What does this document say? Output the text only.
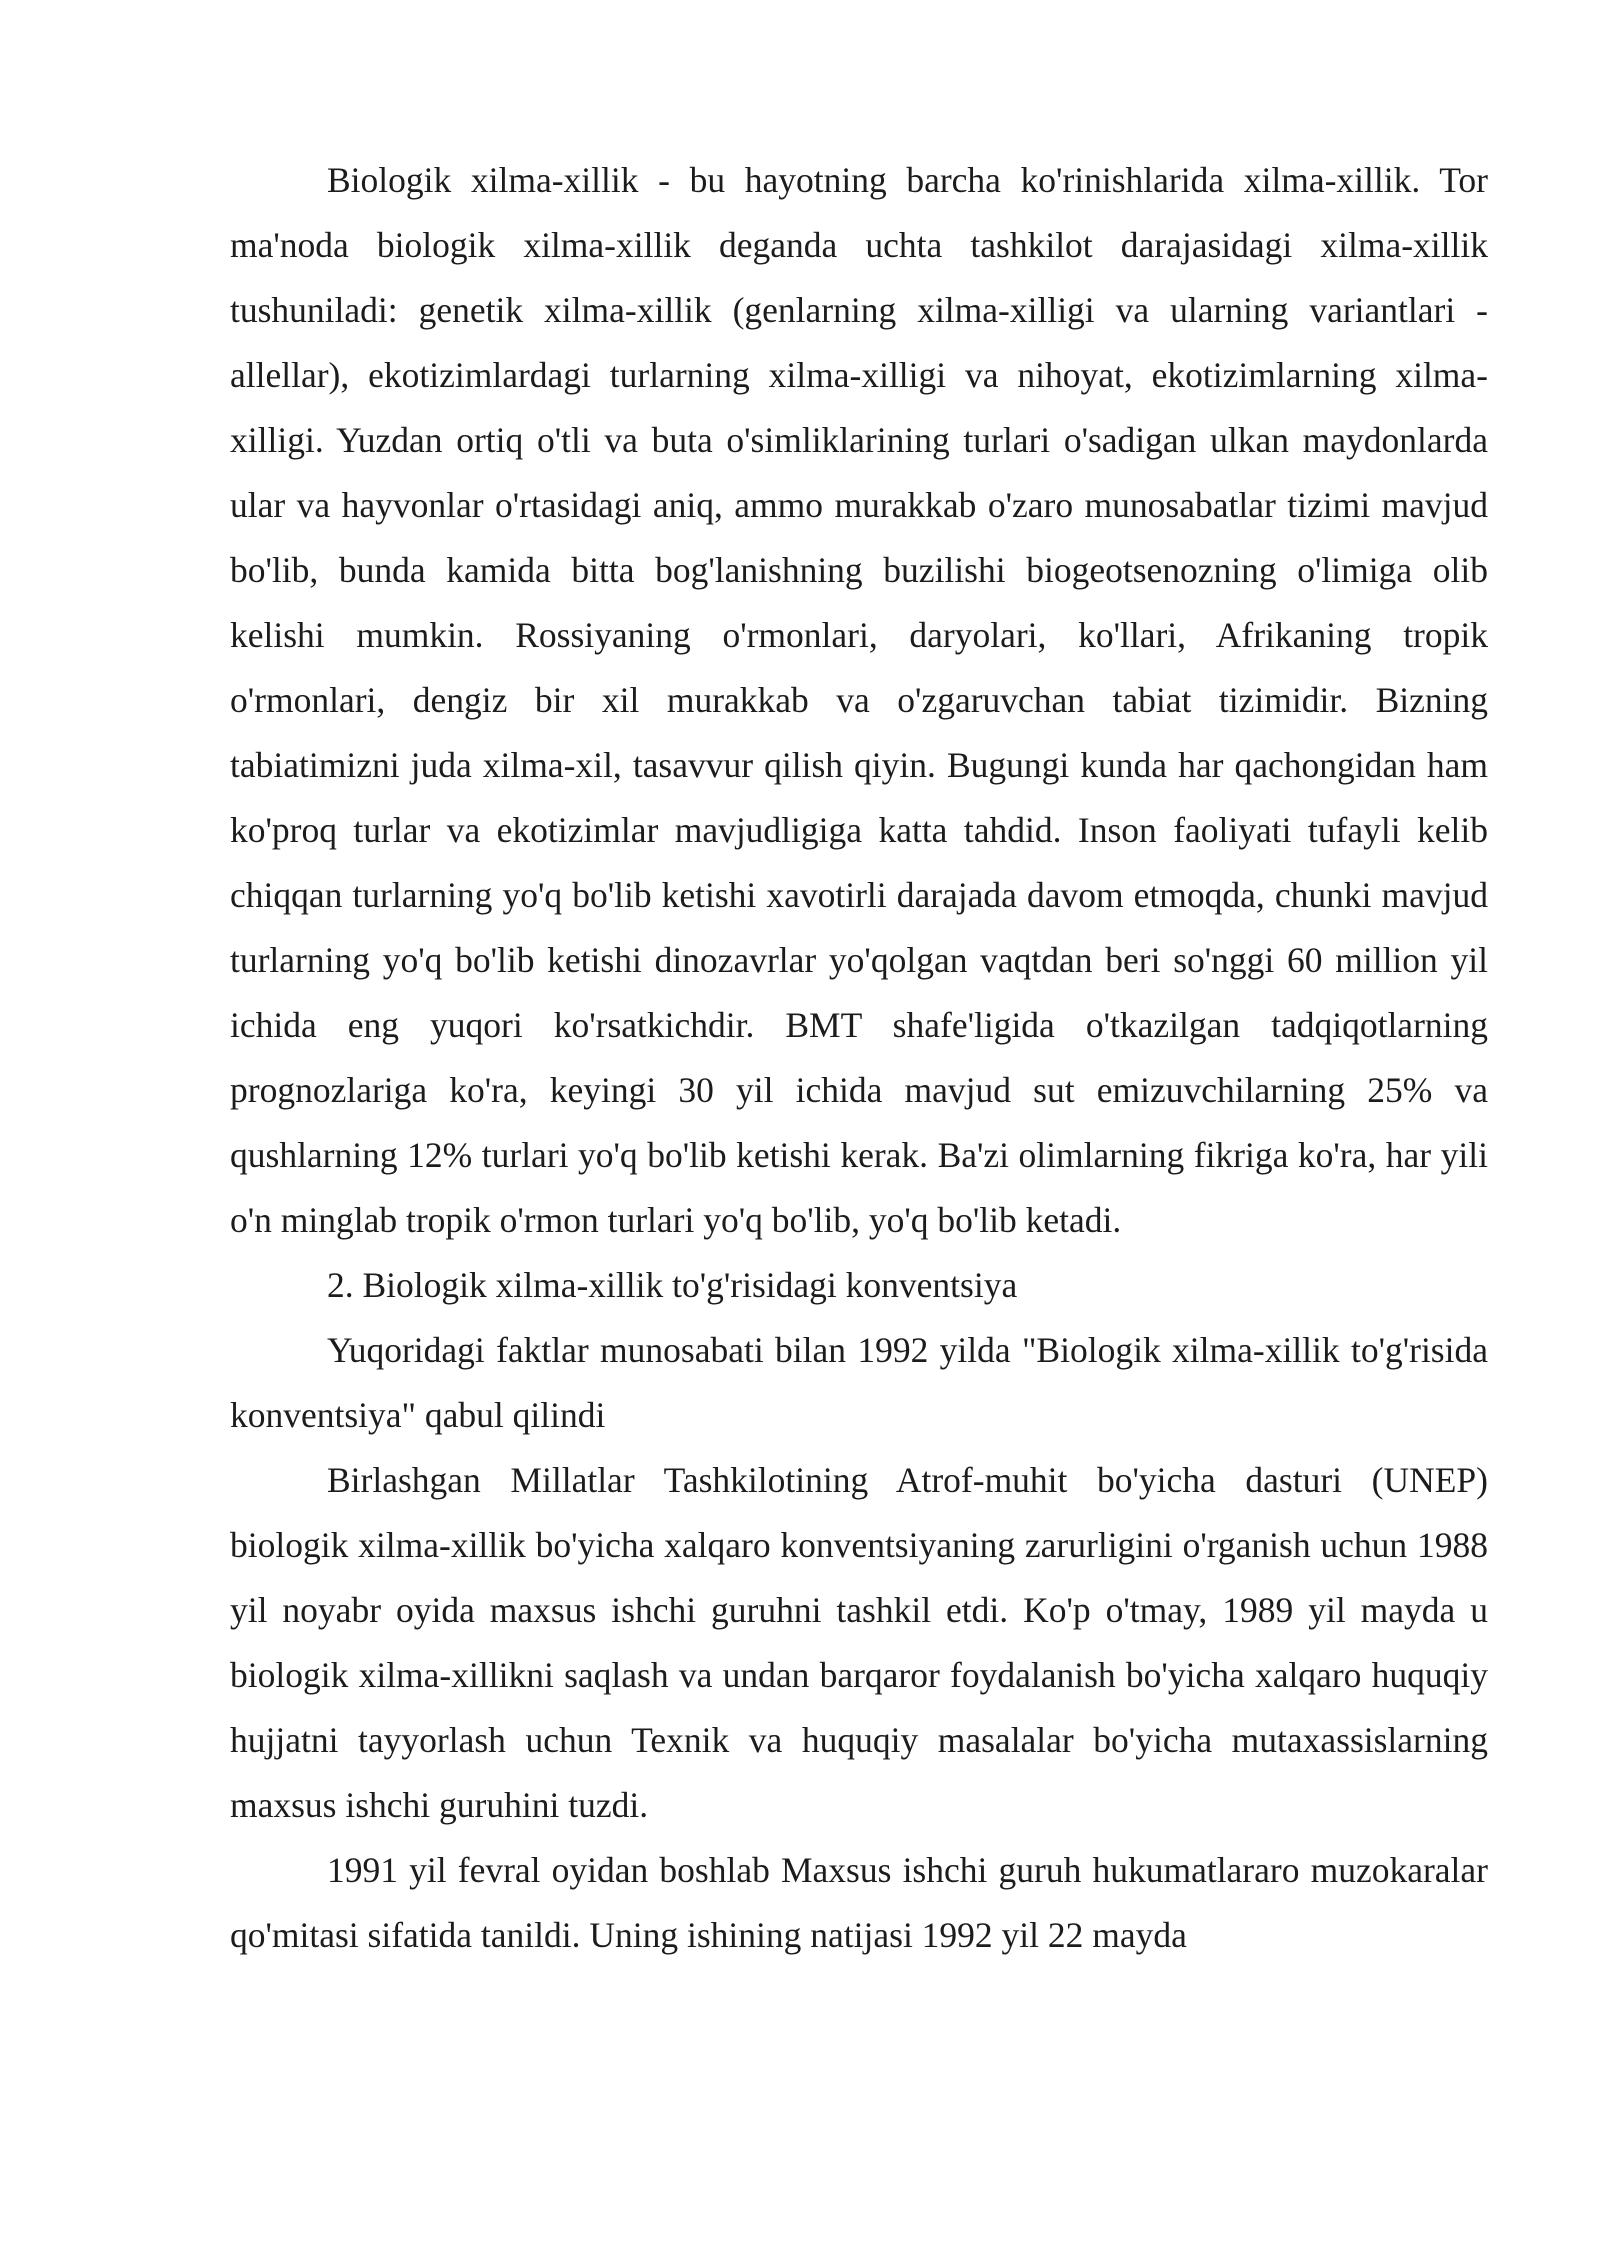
Biologik xilma-xillik - bu hayotning barcha ko'rinishlarida xilma-xillik. Tor ma'noda biologik xilma-xillik deganda uchta tashkilot darajasidagi xilma-xillik tushuniladi: genetik xilma-xillik (genlarning xilma-xilligi va ularning variantlari - allellar), ekotizimlardagi turlarning xilma-xilligi va nihoyat, ekotizimlarning xilma-xilligi. Yuzdan ortiq o'tli va buta o'simliklarining turlari o'sadigan ulkan maydonlarda ular va hayvonlar o'rtasidagi aniq, ammo murakkab o'zaro munosabatlar tizimi mavjud bo'lib, bunda kamida bitta bog'lanishning buzilishi biogeotsenozning o'limiga olib kelishi mumkin. Rossiyaning o'rmonlari, daryolari, ko'llari, Afrikaning tropik o'rmonlari, dengiz bir xil murakkab va o'zgaruvchan tabiat tizimidir. Bizning tabiatimizni juda xilma-xil, tasavvur qilish qiyin. Bugungi kunda har qachongidan ham ko'proq turlar va ekotizimlar mavjudligiga katta tahdid. Inson faoliyati tufayli kelib chiqqan turlarning yo'q bo'lib ketishi xavotirli darajada davom etmoqda, chunki mavjud turlarning yo'q bo'lib ketishi dinozavrlar yo'qolgan vaqtdan beri so'nggi 60 million yil ichida eng yuqori ko'rsatkichdir. BMT shafe'ligida o'tkazilgan tadqiqotlarning prognozlariga ko'ra, keyingi 30 yil ichida mavjud sut emizuvchilarning 25% va qushlarning 12% turlari yo'q bo'lib ketishi kerak. Ba'zi olimlarning fikriga ko'ra, har yili o'n minglab tropik o'rmon turlari yo'q bo'lib, yo'q bo'lib ketadi.

2. Biologik xilma-xillik to'g'risidagi konventsiya

Yuqoridagi faktlar munosabati bilan 1992 yilda "Biologik xilma-xillik to'g'risida konventsiya" qabul qilindi

Birlashgan Millatlar Tashkilotining Atrof-muhit bo'yicha dasturi (UNEP) biologik xilma-xillik bo'yicha xalqaro konventsiyaning zarurligini o'rganish uchun 1988 yil noyabr oyida maxsus ishchi guruhni tashkil etdi. Ko'p o'tmay, 1989 yil mayda u biologik xilma-xillikni saqlash va undan barqaror foydalanish bo'yicha xalqaro huquqiy hujjatni tayyorlash uchun Texnik va huquqiy masalalar bo'yicha mutaxassislarning maxsus ishchi guruhini tuzdi.

1991 yil fevral oyidan boshlab Maxsus ishchi guruh hukumatlararo muzokaralar qo'mitasi sifatida tanildi. Uning ishining natijasi 1992 yil 22 mayda
